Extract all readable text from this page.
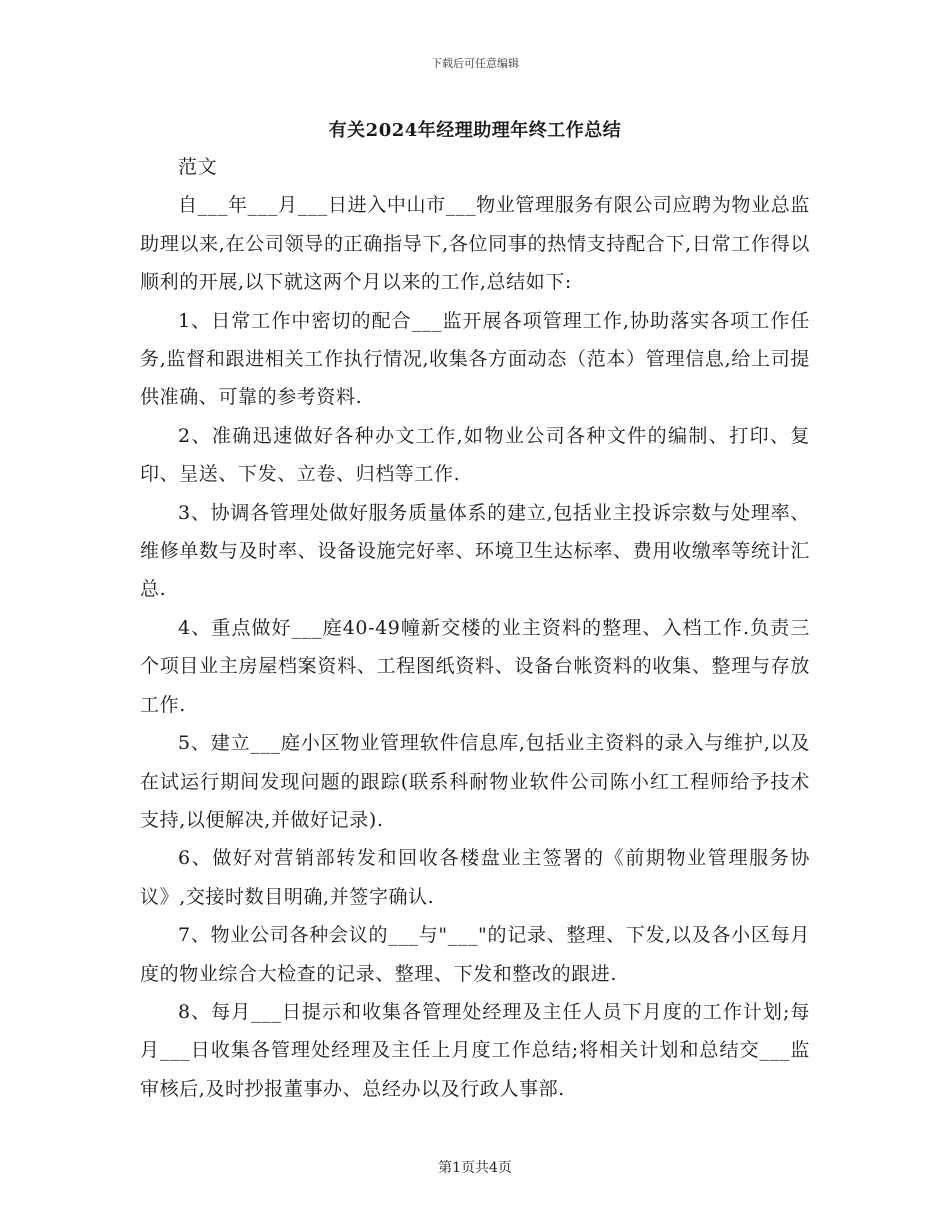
下载后可任意编辑
有关2024年经理助理年终工作总结

范文

自___年___月___日进入中山市___物业管理服务有限公司应聘为物业总监助理以来,在公司领导的正确指导下,各位同事的热情支持配合下,日常工作得以顺利的开展,以下就这两个月以来的工作,总结如下:

1、日常工作中密切的配合___监开展各项管理工作,协助落实各项工作任务,监督和跟进相关工作执行情况,收集各方面动态（范本）管理信息,给上司提供准确、可靠的参考资料.

2、准确迅速做好各种办文工作,如物业公司各种文件的编制、打印、复印、呈送、下发、立卷、归档等工作.

3、协调各管理处做好服务质量体系的建立,包括业主投诉宗数与处理率、维修单数与及时率、设备设施完好率、环境卫生达标率、费用收缴率等统计汇总.

4、重点做好___庭40-49幢新交楼的业主资料的整理、入档工作.负责三个项目业主房屋档案资料、工程图纸资料、设备台帐资料的收集、整理与存放工作.

5、建立___庭小区物业管理软件信息库,包括业主资料的录入与维护,以及在试运行期间发现问题的跟踪(联系科耐物业软件公司陈小红工程师给予技术支持,以便解决,并做好记录).

6、做好对营销部转发和回收各楼盘业主签署的《前期物业管理服务协议》,交接时数目明确,并签字确认.

7、物业公司各种会议的___与"___"的记录、整理、下发,以及各小区每月度的物业综合大检查的记录、整理、下发和整改的跟进.

8、每月___日提示和收集各管理处经理及主任人员下月度的工作计划;每月___日收集各管理处经理及主任上月度工作总结;将相关计划和总结交___监审核后,及时抄报董事办、总经办以及行政人事部.

第1页共4页
